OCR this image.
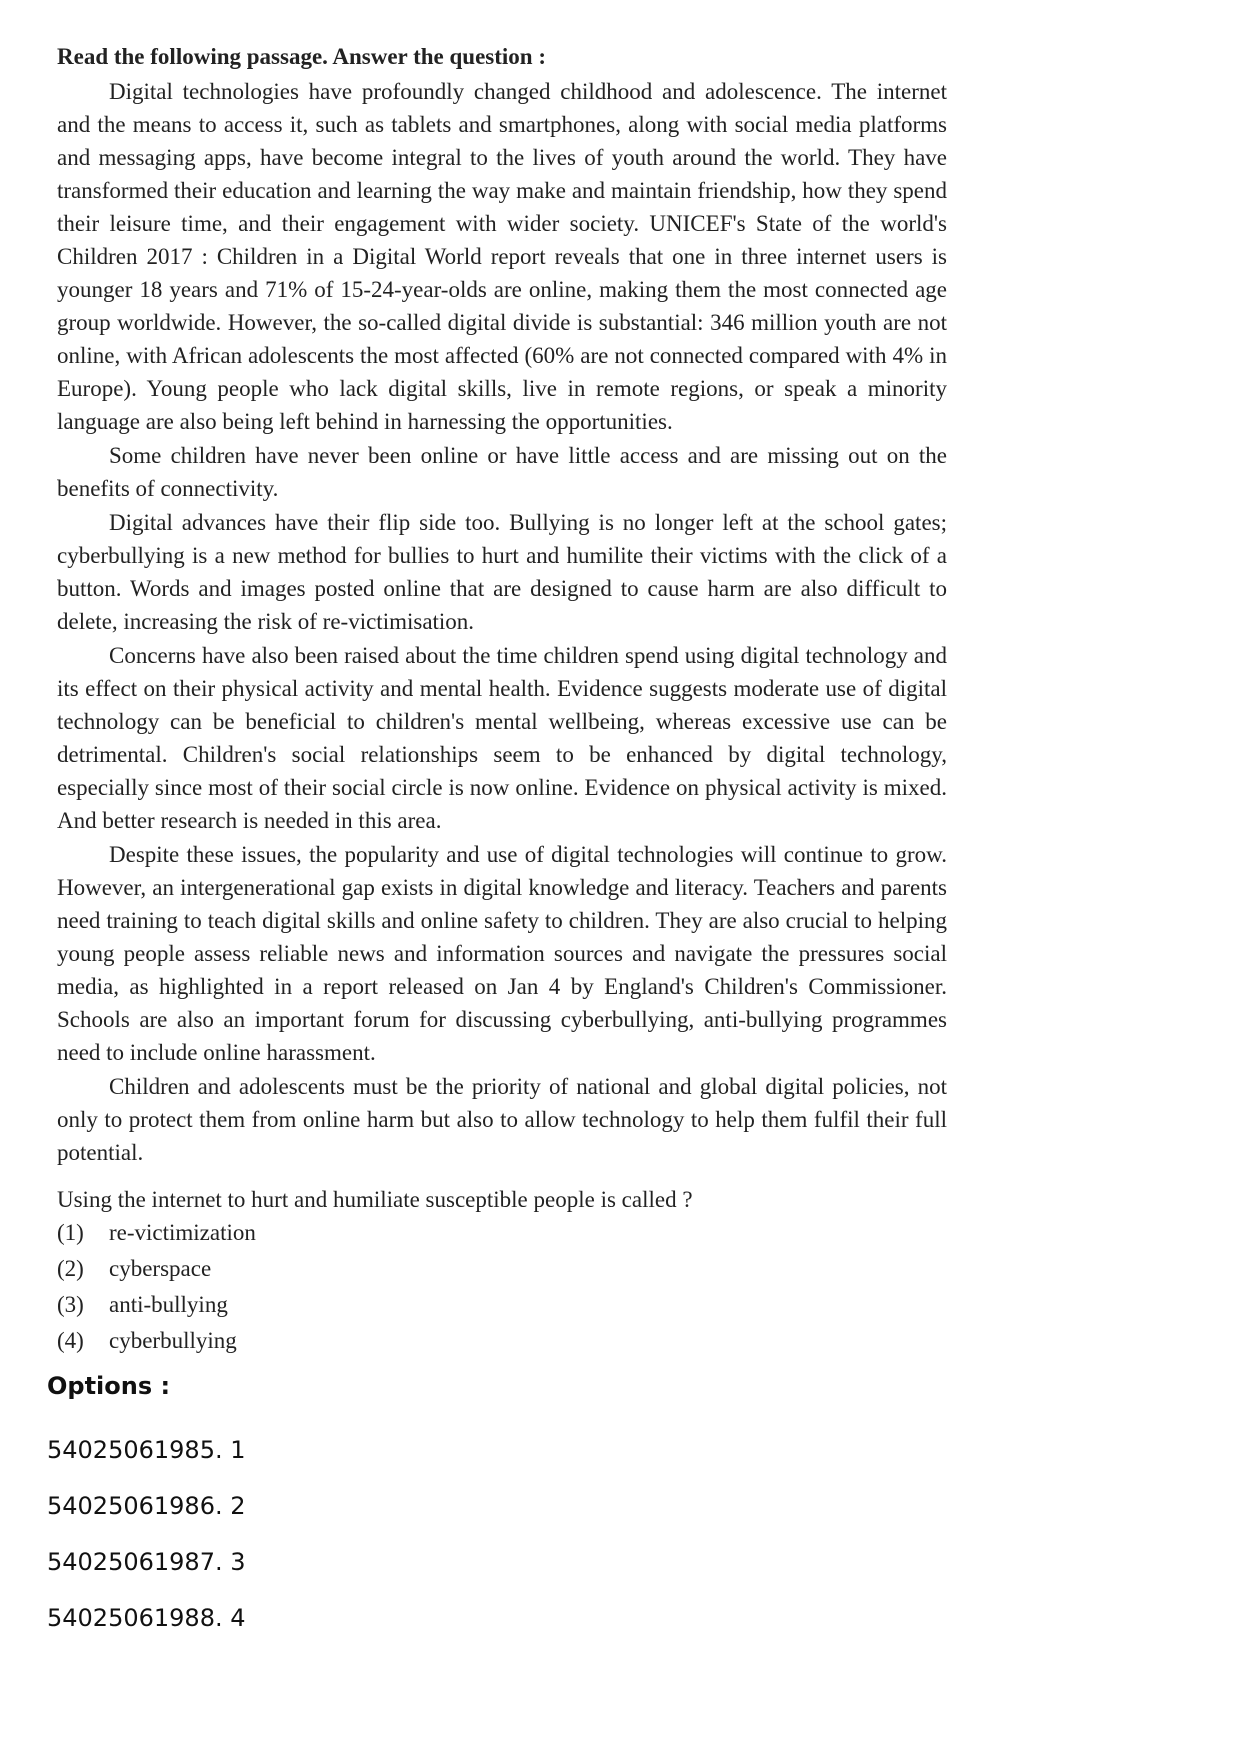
Read the following passage. Answer the question :

Digital technologies have profoundly changed childhood and adolescence. The internet and the means to access it, such as tablets and smartphones, along with social media platforms and messaging apps, have become integral to the lives of youth around the world. They have transformed their education and learning the way make and maintain friendship, how they spend their leisure time, and their engagement with wider society. UNICEF's State of the world's Children 2017 : Children in a Digital World report reveals that one in three internet users is younger 18 years and 71% of 15-24-year-olds are online, making them the most connected age group worldwide. However, the so-called digital divide is substantial: 346 million youth are not online, with African adolescents the most affected (60% are not connected compared with 4% in Europe). Young people who lack digital skills, live in remote regions, or speak a minority language are also being left behind in harnessing the opportunities.

Some children have never been online or have little access and are missing out on the benefits of connectivity.

Digital advances have their flip side too. Bullying is no longer left at the school gates; cyberbullying is a new method for bullies to hurt and humilite their victims with the click of a button. Words and images posted online that are designed to cause harm are also difficult to delete, increasing the risk of re-victimisation.

Concerns have also been raised about the time children spend using digital technology and its effect on their physical activity and mental health. Evidence suggests moderate use of digital technology can be beneficial to children's mental wellbeing, whereas excessive use can be detrimental. Children's social relationships seem to be enhanced by digital technology, especially since most of their social circle is now online. Evidence on physical activity is mixed. And better research is needed in this area.

Despite these issues, the popularity and use of digital technologies will continue to grow. However, an intergenerational gap exists in digital knowledge and literacy. Teachers and parents need training to teach digital skills and online safety to children. They are also crucial to helping young people assess reliable news and information sources and navigate the pressures social media, as highlighted in a report released on Jan 4 by England's Children's Commissioner. Schools are also an important forum for discussing cyberbullying, anti-bullying programmes need to include online harassment.

Children and adolescents must be the priority of national and global digital policies, not only to protect them from online harm but also to allow technology to help them fulfil their full potential.

Using the internet to hurt and humiliate susceptible people is called ?
(1)	re-victimization
(2)	cyberspace
(3)	anti-bullying
(4)	cyberbullying
Options :
54025061985. 1
54025061986. 2
54025061987. 3
54025061988. 4
